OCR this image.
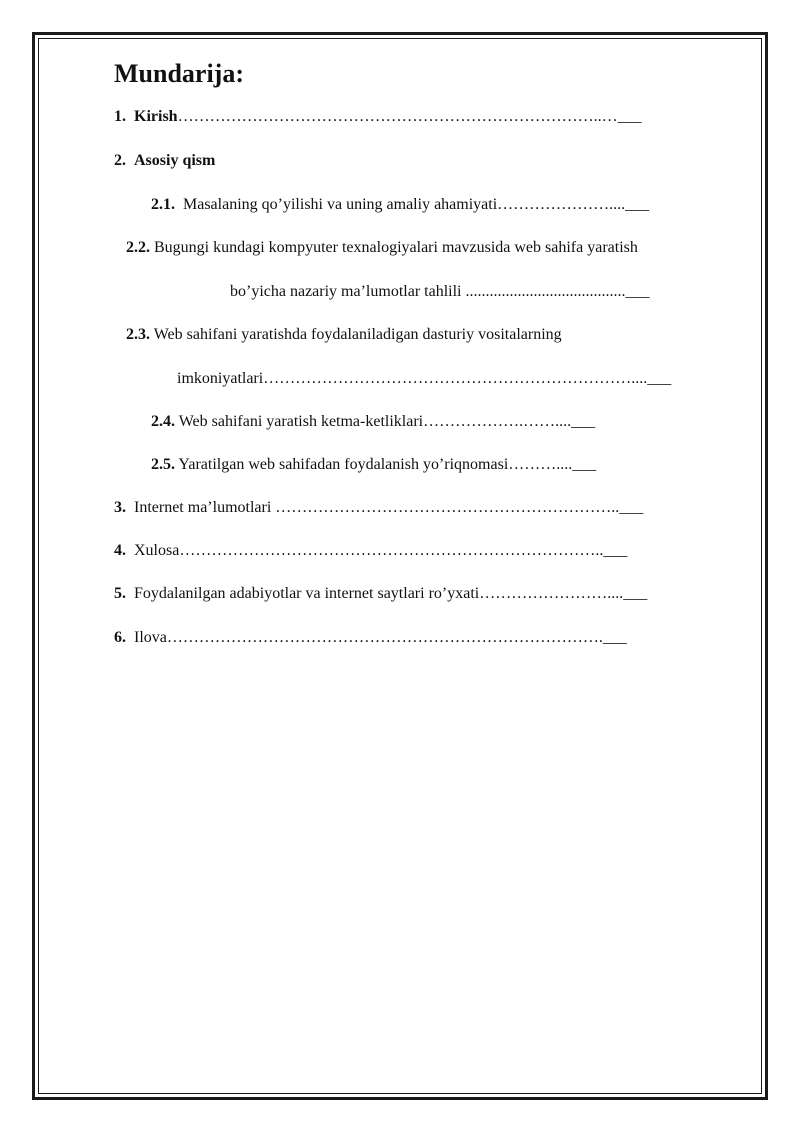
Mundarija:
1. Kirish……………………………………………………………………..…___
2. Asosiy qism
2.1. Masalaning qo’yilishi va uning amaliy ahamiyati…………………....___
2.2. Bugungi kundagi kompyuter texnalogiyalari mavzusida web sahifa yaratish
bo’yicha nazariy ma’lumotlar tahlili ........................................___
2.3. Web sahifani yaratishda foydalaniladigan dasturiy vositalarning
imkoniyatlari……………………………………………………………....___
2.4. Web sahifani yaratish ketma-ketliklari……………….……....___
2.5. Yaratilgan web sahifadan foydalanish yo’riqnomasi………....___
3. Internet ma’lumotlari ………………………………………………………..___
4. Xulosa……………………………………………………………………..___
5. Foydalanilgan adabiyotlar va internet saytlari ro’yxati……………………....___
6. Ilova……………………………………………………………………….___
